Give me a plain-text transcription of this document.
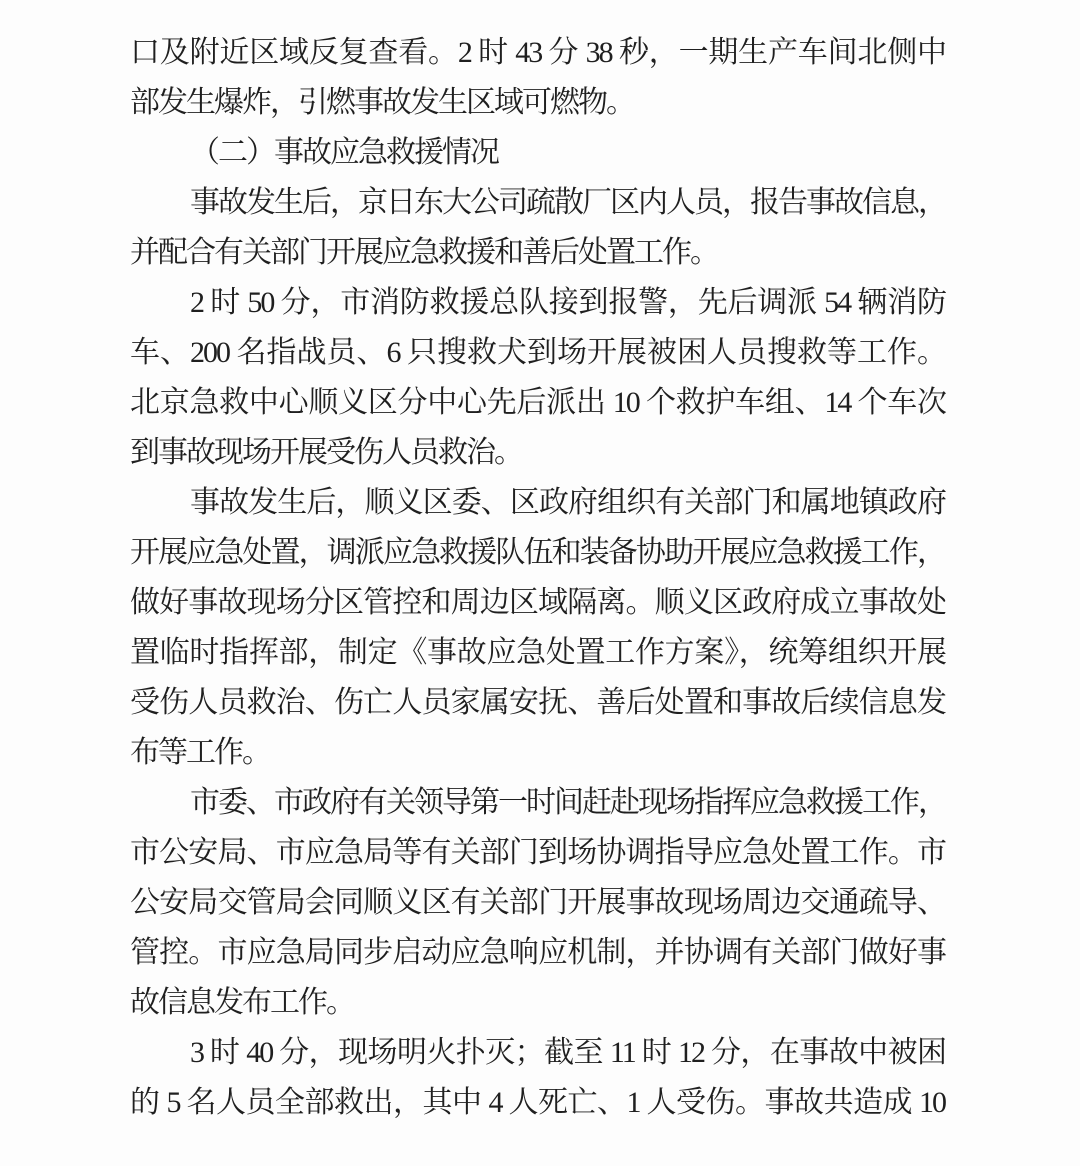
口及附近区域反复查看。2 时 43 分 38 秒，一期生产车间北侧中
部发生爆炸，引燃事故发生区域可燃物。
（二）事故应急救援情况
事故发生后，京日东大公司疏散厂区内人员，报告事故信息，
并配合有关部门开展应急救援和善后处置工作。
2 时 50 分，市消防救援总队接到报警，先后调派 54 辆消防
车、200 名指战员、6 只搜救犬到场开展被困人员搜救等工作。
北京急救中心顺义区分中心先后派出 10 个救护车组、14 个车次
到事故现场开展受伤人员救治。
事故发生后，顺义区委、区政府组织有关部门和属地镇政府
开展应急处置，调派应急救援队伍和装备协助开展应急救援工作，
做好事故现场分区管控和周边区域隔离。顺义区政府成立事故处
置临时指挥部，制定《事故应急处置工作方案》，统筹组织开展
受伤人员救治、伤亡人员家属安抚、善后处置和事故后续信息发
布等工作。
市委、市政府有关领导第一时间赶赴现场指挥应急救援工作，
市公安局、市应急局等有关部门到场协调指导应急处置工作。市
公安局交管局会同顺义区有关部门开展事故现场周边交通疏导、
管控。市应急局同步启动应急响应机制，并协调有关部门做好事
故信息发布工作。
3 时 40 分，现场明火扑灭；截至 11 时 12 分，在事故中被困
的 5 名人员全部救出，其中 4 人死亡、1 人受伤。事故共造成 10
